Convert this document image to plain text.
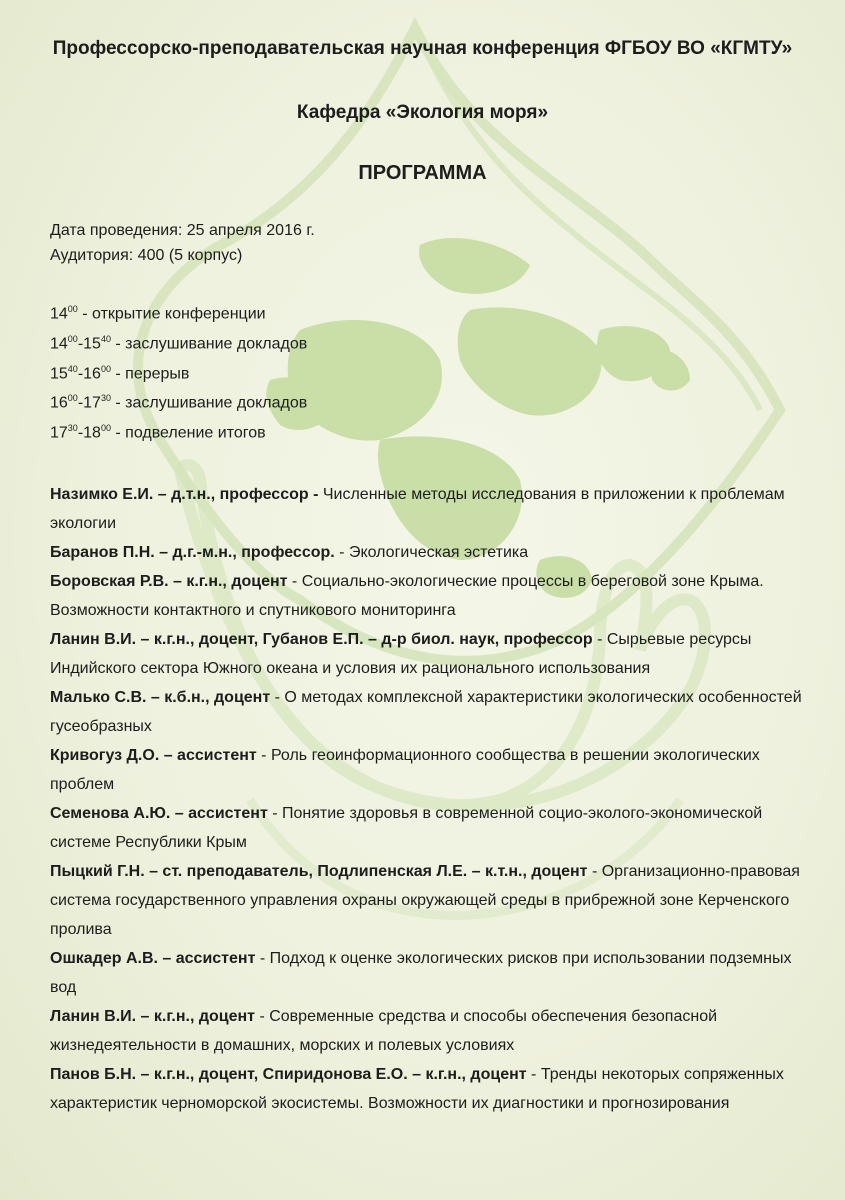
Профессорско-преподавательская научная конференция ФГБОУ ВО «КГМТУ»
Кафедра «Экология моря»
ПРОГРАММА
Дата проведения: 25 апреля 2016 г.
Аудитория: 400 (5 корпус)
$14^{00}$ - открытие конференции
$14^{00}-15^{40}$ - заслушивание докладов
$15^{40}-16^{00}$ - перерыв
$16^{00}-17^{30}$ - заслушивание докладов
$17^{30}-18^{00}$ - подвеление итогов
Назимко Е.И. – д.т.н., профессор - Численные методы исследования в приложении к проблемам экологии
Баранов П.Н. – д.г.-м.н., профессор. - Экологическая эстетика
Боровская Р.В. – к.г.н., доцент - Социально-экологические процессы в береговой зоне Крыма. Возможности контактного и спутникового мониторинга
Ланин В.И. – к.г.н., доцент, Губанов Е.П. – д-р биол. наук, профессор - Сырьевые ресурсы Индийского сектора Южного океана и условия их рационального использования
Малько С.В. – к.б.н., доцент - О методах комплексной характеристики экологических особенностей гусеобразных
Кривогуз Д.О. – ассистент - Роль геоинформационного сообщества в решении экологических проблем
Семенова А.Ю. – ассистент - Понятие здоровья в современной социо-эколого-экономической системе Республики Крым
Пыцкий Г.Н. – ст. преподаватель, Подлипенская Л.Е. – к.т.н., доцент - Организационно-правовая система государственного управления охраны окружающей среды в прибрежной зоне Керченского пролива
Ошкадер А.В. – ассистент - Подход к оценке экологических рисков при использовании подземных вод
Ланин В.И. – к.г.н., доцент - Современные средства и способы обеспечения безопасной жизнедеятельности в домашних, морских и полевых условиях
Панов Б.Н. – к.г.н., доцент, Спиридонова Е.О. – к.г.н., доцент - Тренды некоторых сопряженных характеристик черноморской экосистемы. Возможности их диагностики и прогнозирования
